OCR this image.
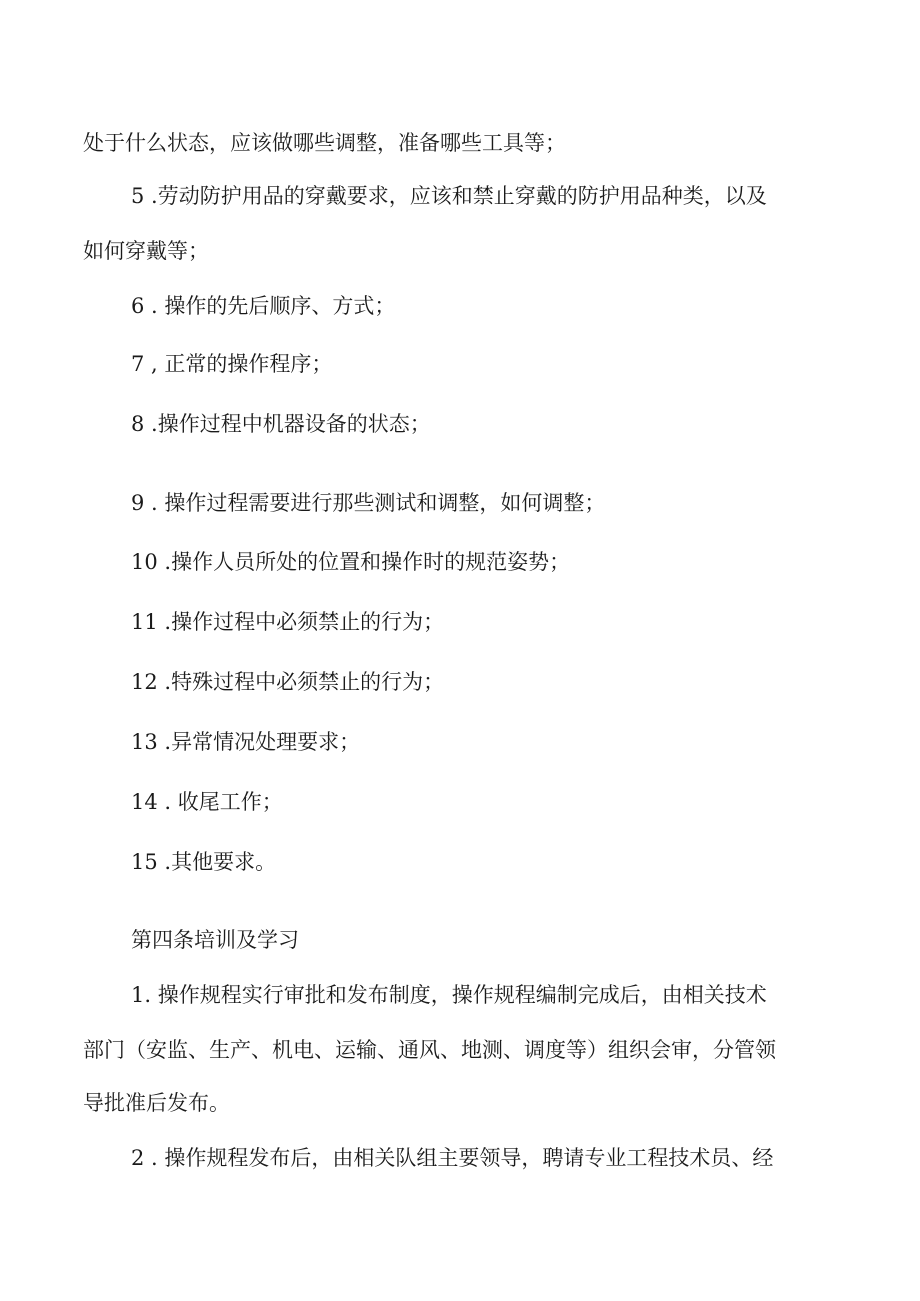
处于什么状态，应该做哪些调整，准备哪些工具等；
5 .劳动防护用品的穿戴要求，应该和禁止穿戴的防护用品种类，以及
如何穿戴等；
6 . 操作的先后顺序、方式；
7 , 正常的操作程序；
8 .操作过程中机器设备的状态；
9 . 操作过程需要进行那些测试和调整，如何调整；
10 .操作人员所处的位置和操作时的规范姿势；
11 .操作过程中必须禁止的行为；
12 .特殊过程中必须禁止的行为；
13 .异常情况处理要求；
14 . 收尾工作；
15 .其他要求。
第四条培训及学习
1. 操作规程实行审批和发布制度，操作规程编制完成后，由相关技术
部门（安监、生产、机电、运输、通风、地测、调度等）组织会审，分管领
导批准后发布。
2 . 操作规程发布后，由相关队组主要领导，聘请专业工程技术员、经
